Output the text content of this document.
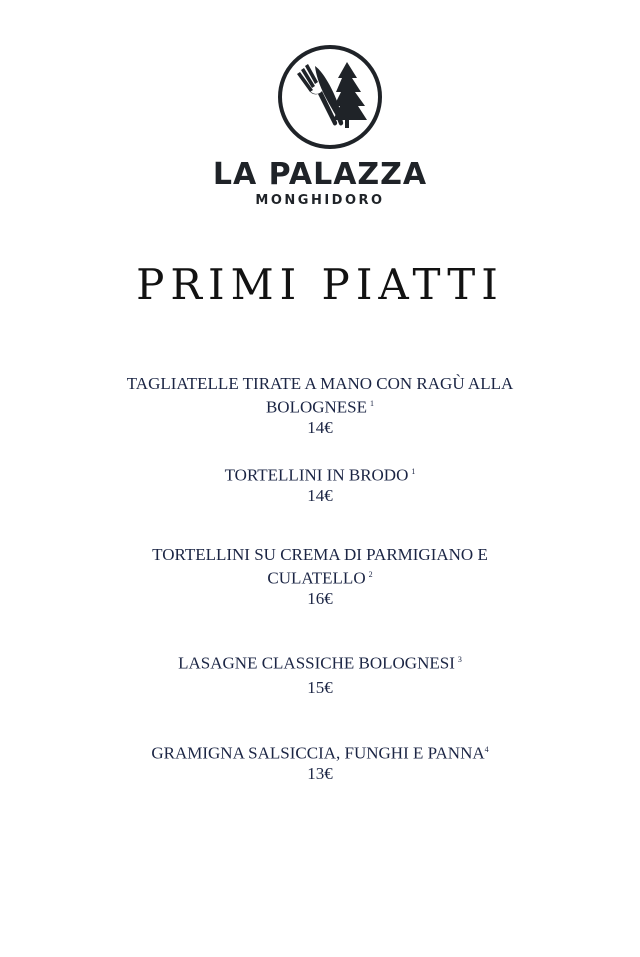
LA PALAZZA
MONGHIDORO
PRIMI PIATTI
TAGLIATELLE TIRATE A MANO CON RAGÙ ALLA
BOLOGNESE $^1$
14€
TORTELLINI IN BRODO $^1$
14€
TORTELLINI SU CREMA DI PARMIGIANO E
CULATELLO $^2$
16€
LASAGNE CLASSICHE BOLOGNESI $^3$
15€
GRAMIGNA SALSICCIA, FUNGHI E PANNA$^4$
13€
